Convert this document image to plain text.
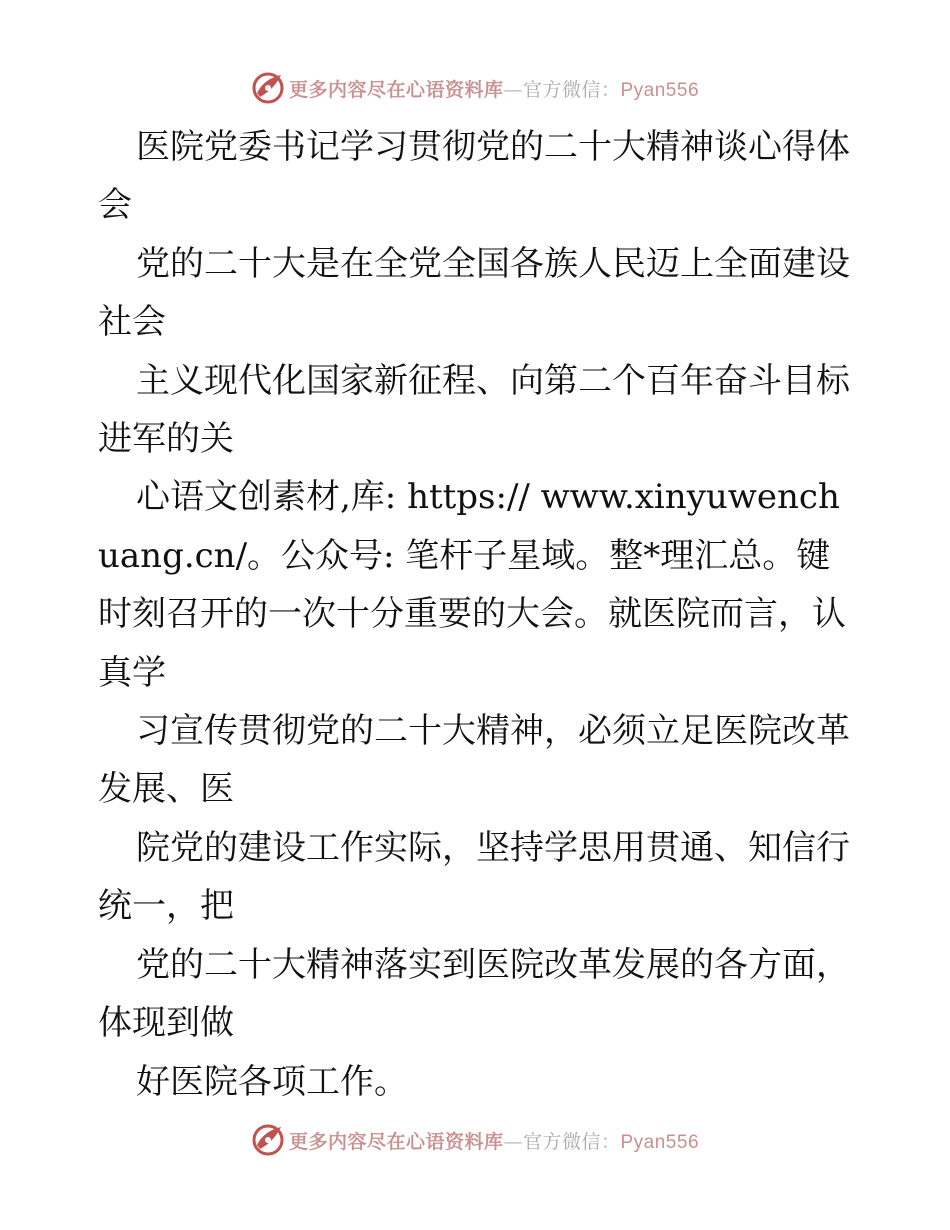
更多内容尽在心语资料库—官方微信：Pyan556

医院党委书记学习贯彻党的二十大精神谈心得体会

党的二十大是在全党全国各族人民迈上全面建设社会

主义现代化国家新征程、向第二个百年奋斗目标进军的关

心语文创素材,库: https:// www.xinyuwenchuang.cn/。公众号: 笔杆子星域。整*理汇总。键时刻召开的一次十分重要的大会。就医院而言，认真学

习宣传贯彻党的二十大精神，必须立足医院改革发展、医

院党的建设工作实际，坚持学思用贯通、知信行统一，把

党的二十大精神落实到医院改革发展的各方面，体现到做

好医院各项工作。

更多内容尽在心语资料库—官方微信：Pyan556
